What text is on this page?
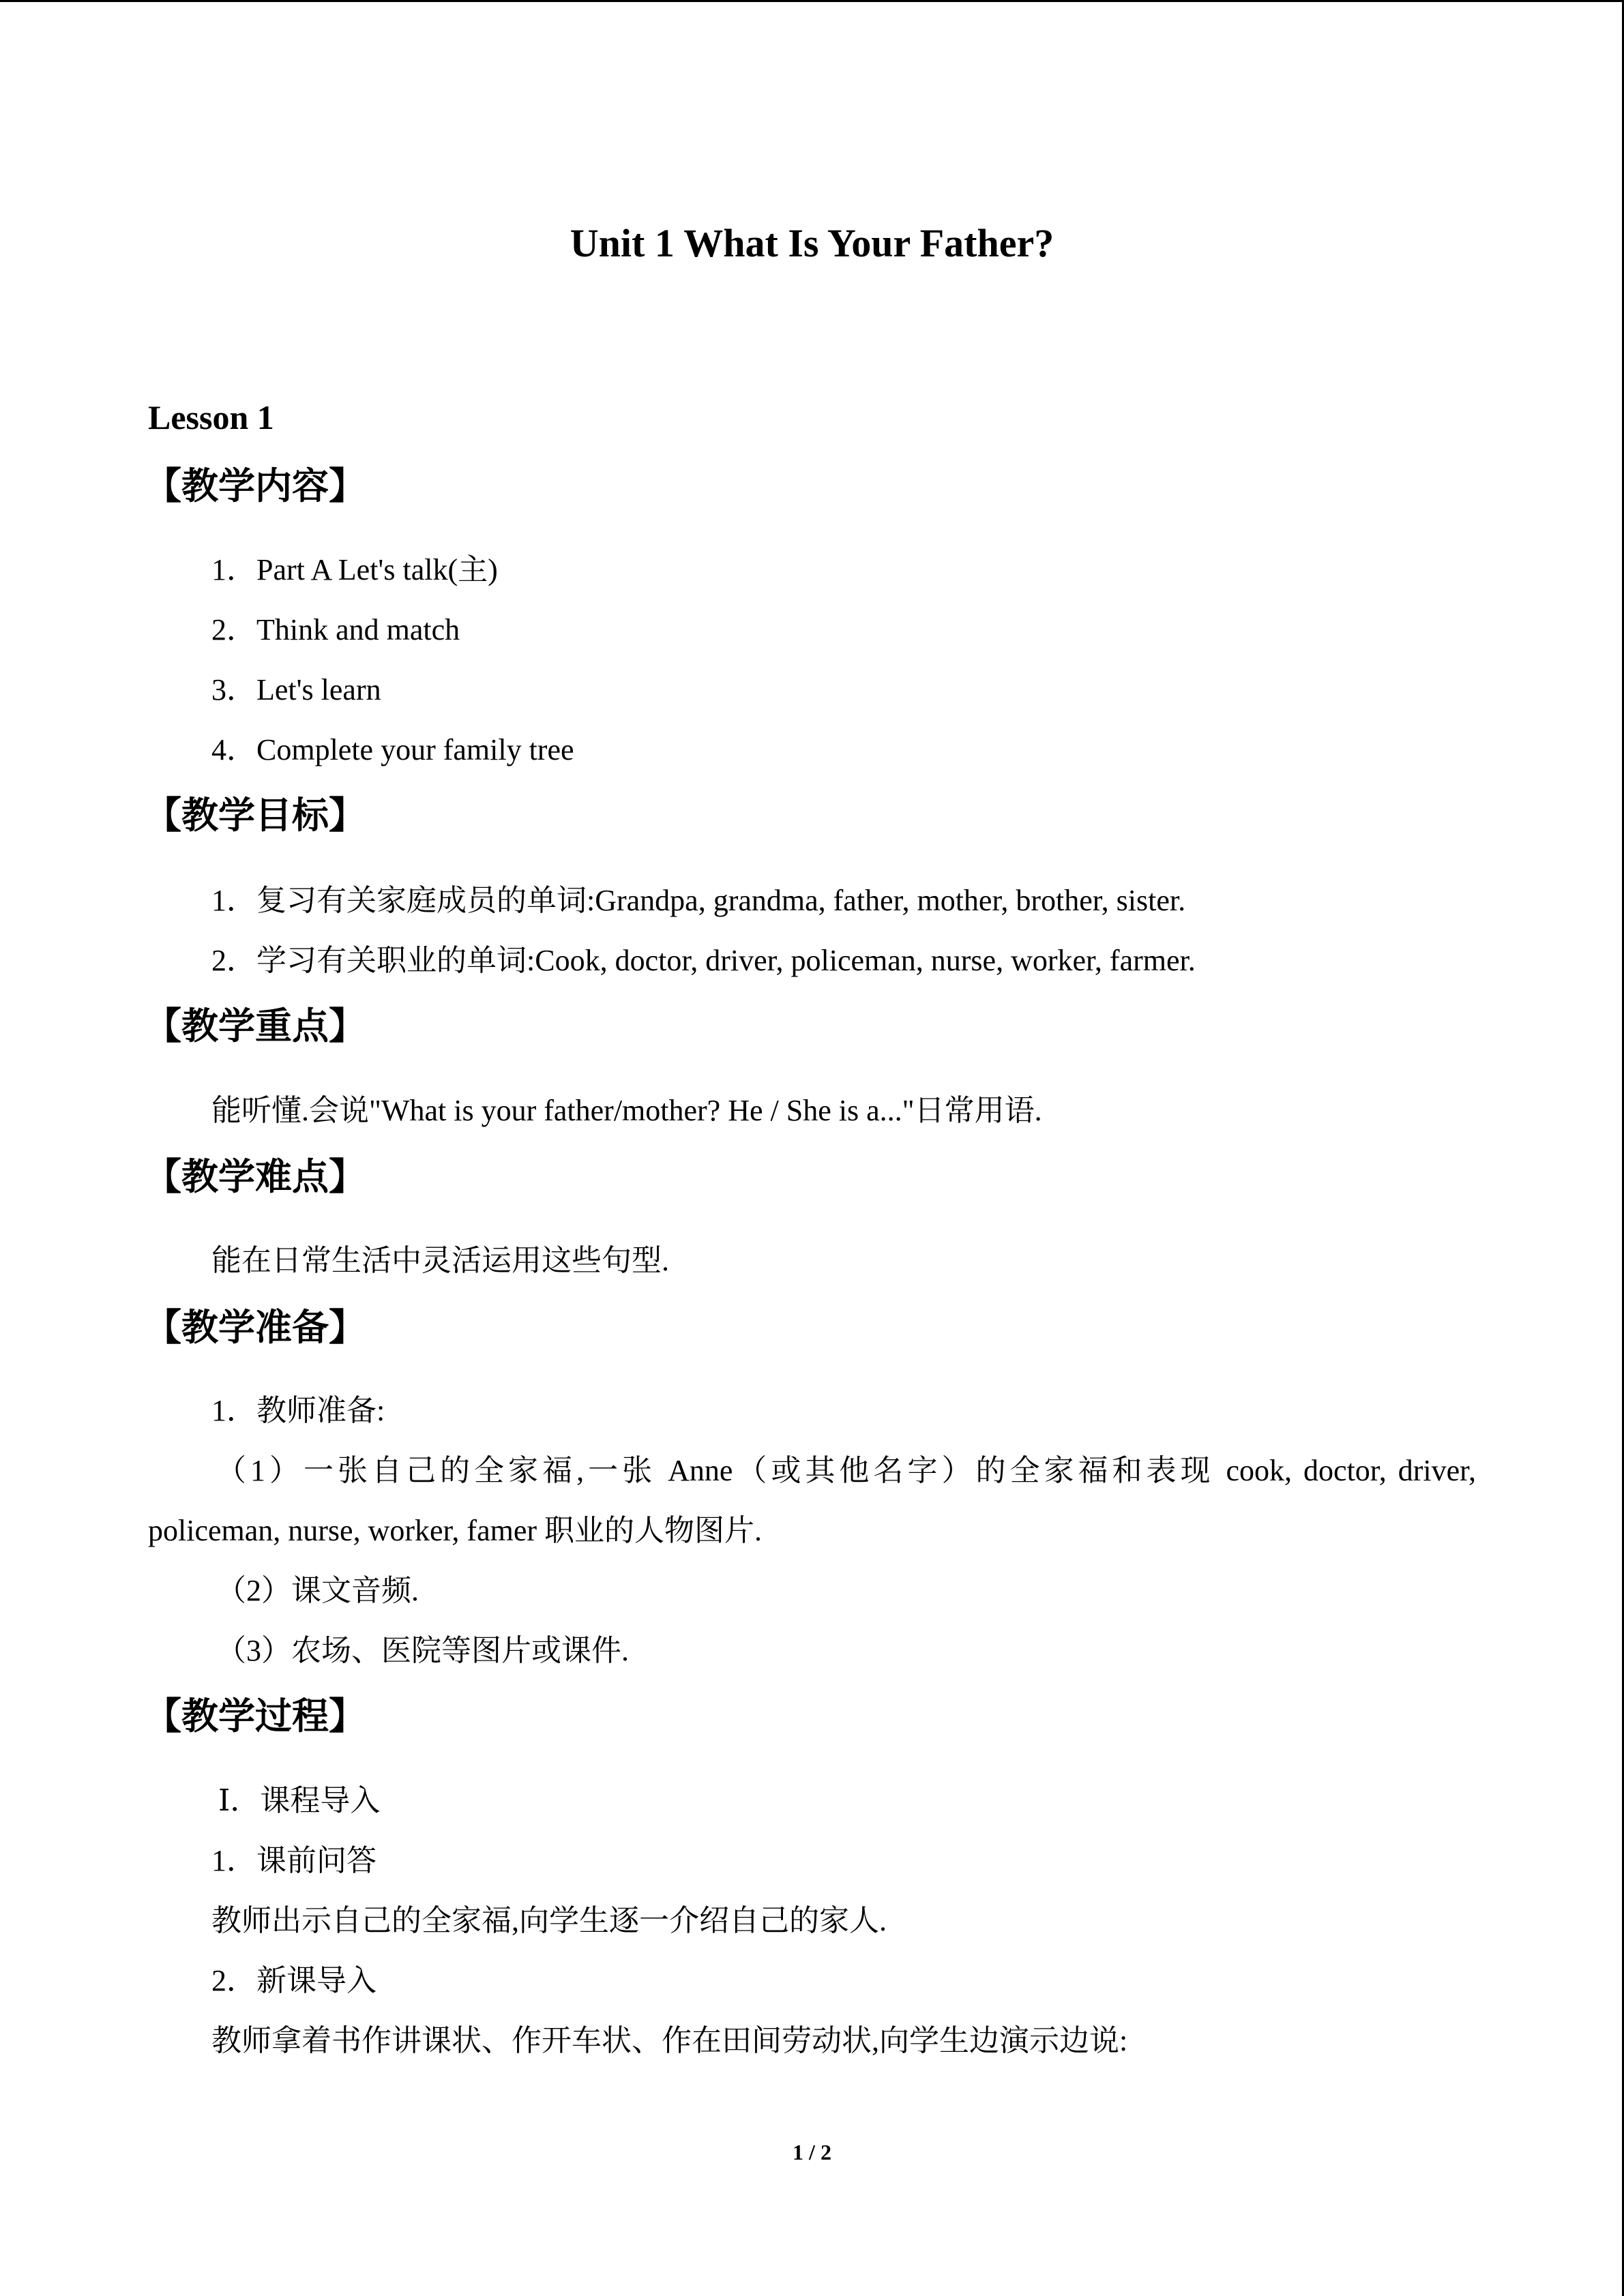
Unit 1 What Is Your Father?
Lesson 1
【教学内容】
1．Part A Let's talk(主)
2．Think and match
3．Let's learn
4．Complete your family tree
【教学目标】
1．复习有关家庭成员的单词:Grandpa, grandma, father, mother, brother, sister.
2．学习有关职业的单词:Cook, doctor, driver, policeman, nurse, worker, farmer.
【教学重点】
能听懂.会说"What is your father/mother? He / She is a..."日常用语.
【教学难点】
能在日常生活中灵活运用这些句型.
【教学准备】
1．教师准备:
（1）一张自己的全家福,一张 Anne（或其他名字）的全家福和表现 cook, doctor, driver,
policeman, nurse, worker, famer 职业的人物图片.
（2）课文音频.
（3）农场、医院等图片或课件.
【教学过程】
Ⅰ．课程导入
1．课前问答
教师出示自己的全家福,向学生逐一介绍自己的家人.
2．新课导入
教师拿着书作讲课状、作开车状、作在田间劳动状,向学生边演示边说:
1 / 2
